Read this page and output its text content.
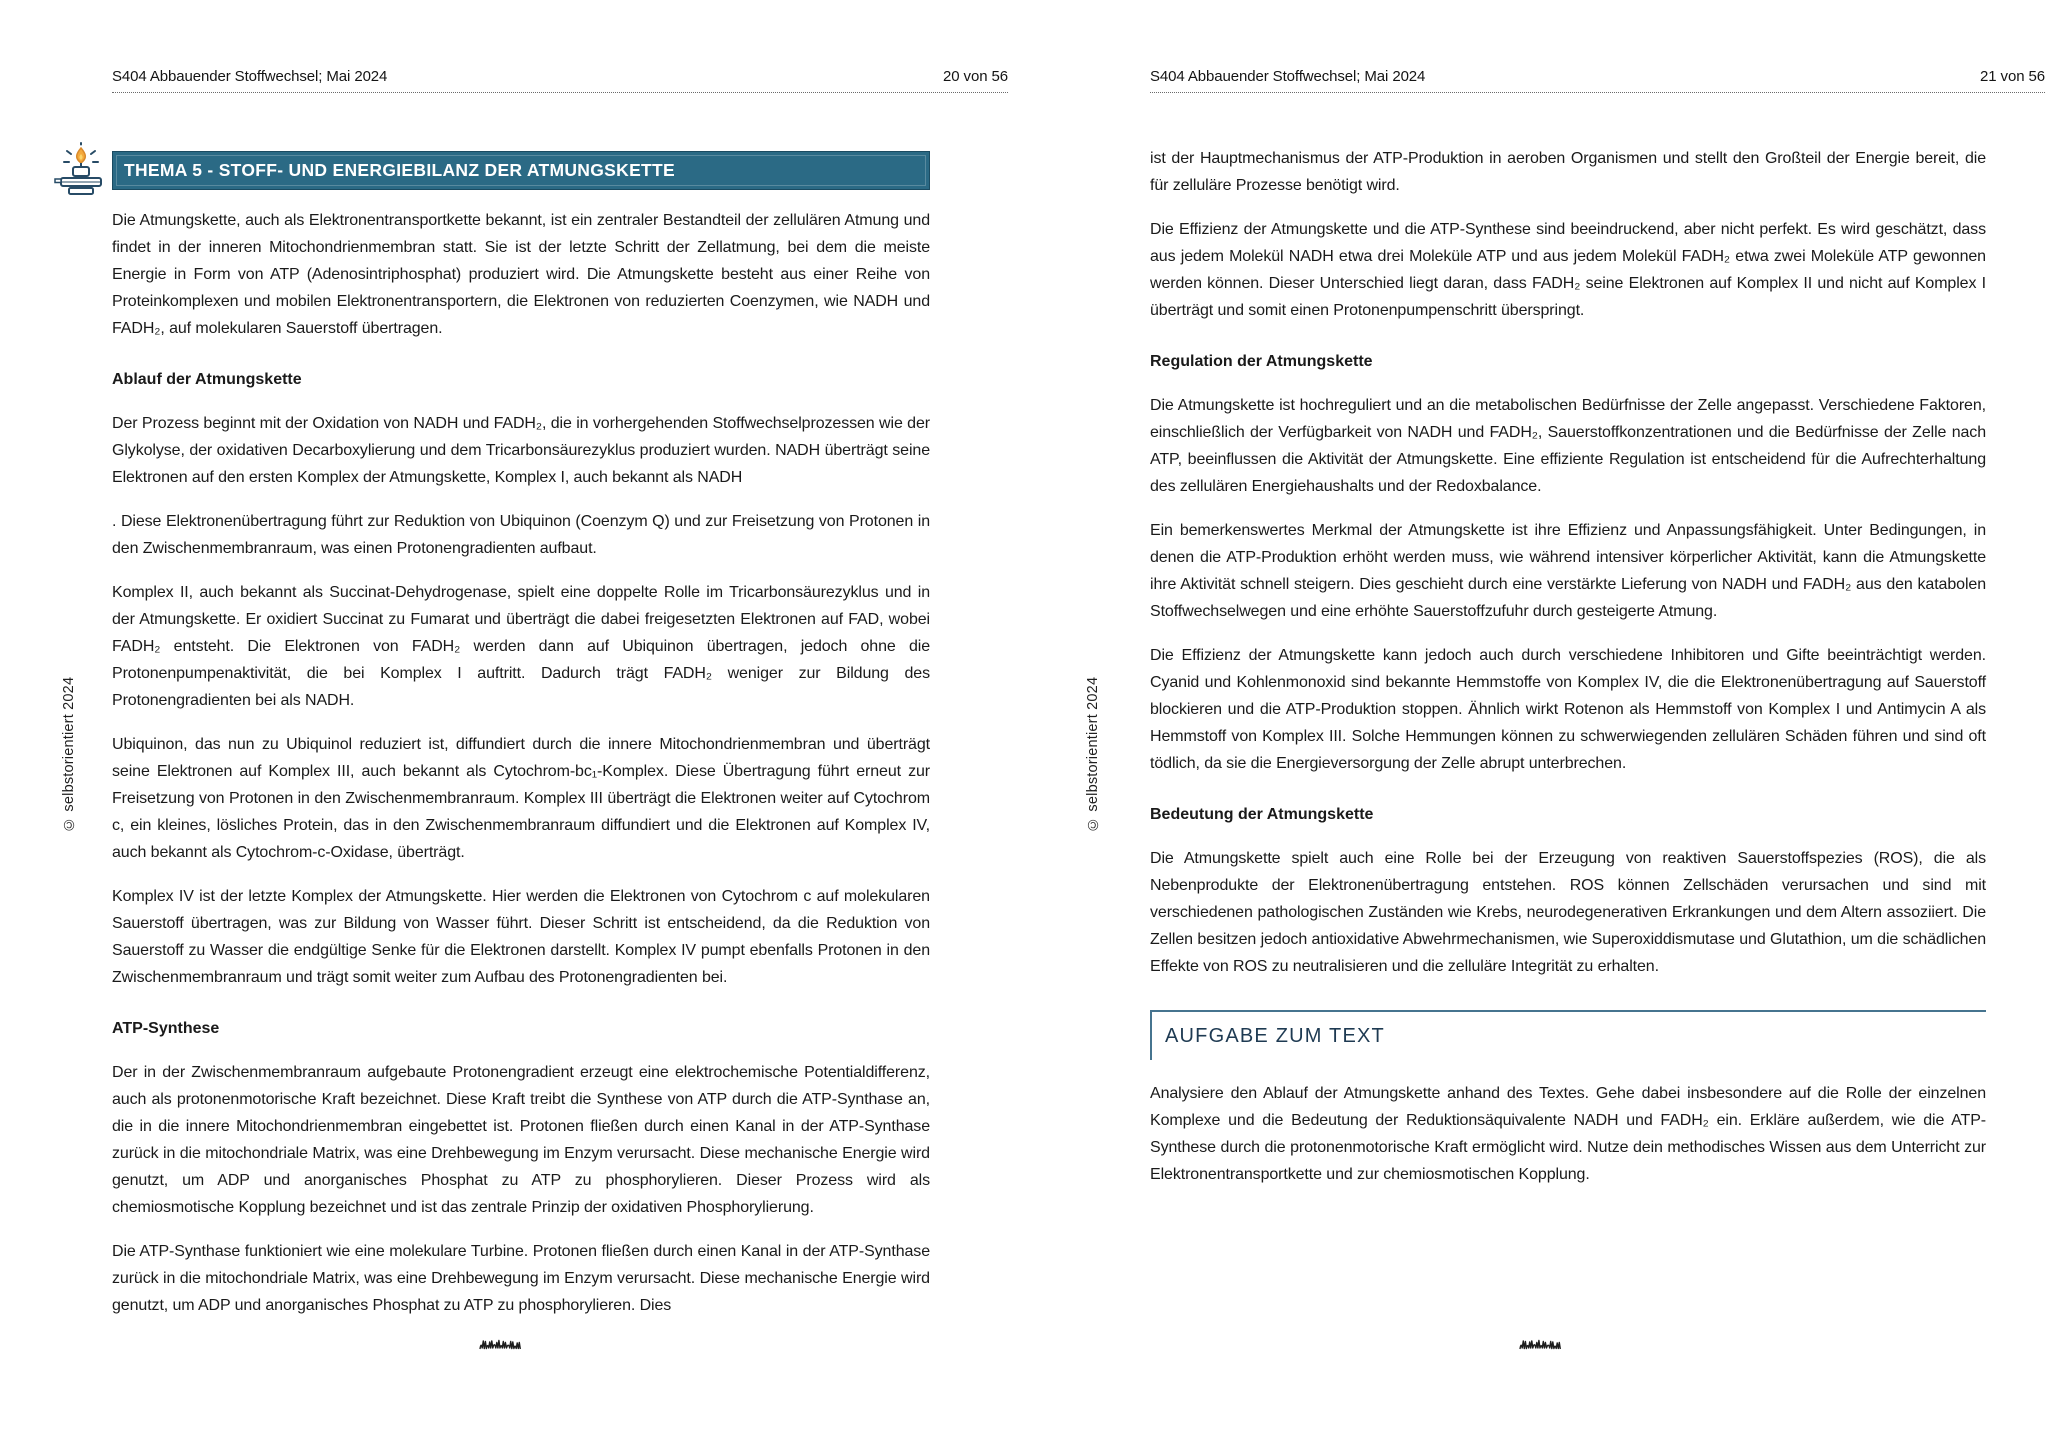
S404 Abbauender Stoffwechsel; Mai 2024	20 von 56
THEMA 5 - STOFF- UND ENERGIEBILANZ DER ATMUNGSKETTE
Die Atmungskette, auch als Elektronentransportkette bekannt, ist ein zentraler Bestandteil der zellulären Atmung und findet in der inneren Mitochondrienmembran statt. Sie ist der letzte Schritt der Zellatmung, bei dem die meiste Energie in Form von ATP (Adenosintriphosphat) produziert wird. Die Atmungskette besteht aus einer Reihe von Proteinkomplexen und mobilen Elektronentransportern, die Elektronen von reduzierten Coenzymen, wie NADH und FADH₂, auf molekularen Sauerstoff übertragen.
Ablauf der Atmungskette
Der Prozess beginnt mit der Oxidation von NADH und FADH₂, die in vorhergehenden Stoffwechselprozessen wie der Glykolyse, der oxidativen Decarboxylierung und dem Tricarbonsäurezyklus produziert wurden. NADH überträgt seine Elektronen auf den ersten Komplex der Atmungskette, Komplex I, auch bekannt als NADH
. Diese Elektronenübertragung führt zur Reduktion von Ubiquinon (Coenzym Q) und zur Freisetzung von Protonen in den Zwischenmembranraum, was einen Protonengradienten aufbaut.
Komplex II, auch bekannt als Succinat-Dehydrogenase, spielt eine doppelte Rolle im Tricarbonsäurezyklus und in der Atmungskette. Er oxidiert Succinat zu Fumarat und überträgt die dabei freigesetzten Elektronen auf FAD, wobei FADH₂ entsteht. Die Elektronen von FADH₂ werden dann auf Ubiquinon übertragen, jedoch ohne die Protonenpumpenaktivität, die bei Komplex I auftritt. Dadurch trägt FADH₂ weniger zur Bildung des Protonengradienten bei als NADH.
Ubiquinon, das nun zu Ubiquinol reduziert ist, diffundiert durch die innere Mitochondrienmembran und überträgt seine Elektronen auf Komplex III, auch bekannt als Cytochrom-bc₁-Komplex. Diese Übertragung führt erneut zur Freisetzung von Protonen in den Zwischenmembranraum. Komplex III überträgt die Elektronen weiter auf Cytochrom c, ein kleines, lösliches Protein, das in den Zwischenmembranraum diffundiert und die Elektronen auf Komplex IV, auch bekannt als Cytochrom-c-Oxidase, überträgt.
Komplex IV ist der letzte Komplex der Atmungskette. Hier werden die Elektronen von Cytochrom c auf molekularen Sauerstoff übertragen, was zur Bildung von Wasser führt. Dieser Schritt ist entscheidend, da die Reduktion von Sauerstoff zu Wasser die endgültige Senke für die Elektronen darstellt. Komplex IV pumpt ebenfalls Protonen in den Zwischenmembranraum und trägt somit weiter zum Aufbau des Protonengradienten bei.
ATP-Synthese
Der in der Zwischenmembranraum aufgebaute Protonengradient erzeugt eine elektrochemische Potentialdifferenz, auch als protonenmotorische Kraft bezeichnet. Diese Kraft treibt die Synthese von ATP durch die ATP-Synthase an, die in die innere Mitochondrienmembran eingebettet ist. Protonen fließen durch einen Kanal in der ATP-Synthase zurück in die mitochondriale Matrix, was eine Drehbewegung im Enzym verursacht. Diese mechanische Energie wird genutzt, um ADP und anorganisches Phosphat zu ATP zu phosphorylieren. Dieser Prozess wird als chemiosmotische Kopplung bezeichnet und ist das zentrale Prinzip der oxidativen Phosphorylierung.
Die ATP-Synthase funktioniert wie eine molekulare Turbine. Protonen fließen durch einen Kanal in der ATP-Synthase zurück in die mitochondriale Matrix, was eine Drehbewegung im Enzym verursacht. Diese mechanische Energie wird genutzt, um ADP und anorganisches Phosphat zu ATP zu phosphorylieren. Dies
© selbstorientiert 2024
S404 Abbauender Stoffwechsel; Mai 2024	21 von 56
ist der Hauptmechanismus der ATP-Produktion in aeroben Organismen und stellt den Großteil der Energie bereit, die für zelluläre Prozesse benötigt wird.
Die Effizienz der Atmungskette und die ATP-Synthese sind beeindruckend, aber nicht perfekt. Es wird geschätzt, dass aus jedem Molekül NADH etwa drei Moleküle ATP und aus jedem Molekül FADH₂ etwa zwei Moleküle ATP gewonnen werden können. Dieser Unterschied liegt daran, dass FADH₂ seine Elektronen auf Komplex II und nicht auf Komplex I überträgt und somit einen Protonenpumpenschritt überspringt.
Regulation der Atmungskette
Die Atmungskette ist hochreguliert und an die metabolischen Bedürfnisse der Zelle angepasst. Verschiedene Faktoren, einschließlich der Verfügbarkeit von NADH und FADH₂, Sauerstoffkonzentrationen und die Bedürfnisse der Zelle nach ATP, beeinflussen die Aktivität der Atmungskette. Eine effiziente Regulation ist entscheidend für die Aufrechterhaltung des zellulären Energiehaushalts und der Redoxbalance.
Ein bemerkenswertes Merkmal der Atmungskette ist ihre Effizienz und Anpassungsfähigkeit. Unter Bedingungen, in denen die ATP-Produktion erhöht werden muss, wie während intensiver körperlicher Aktivität, kann die Atmungskette ihre Aktivität schnell steigern. Dies geschieht durch eine verstärkte Lieferung von NADH und FADH₂ aus den katabolen Stoffwechselwegen und eine erhöhte Sauerstoffzufuhr durch gesteigerte Atmung.
Die Effizienz der Atmungskette kann jedoch auch durch verschiedene Inhibitoren und Gifte beeinträchtigt werden. Cyanid und Kohlenmonoxid sind bekannte Hemmstoffe von Komplex IV, die die Elektronenübertragung auf Sauerstoff blockieren und die ATP-Produktion stoppen. Ähnlich wirkt Rotenon als Hemmstoff von Komplex I und Antimycin A als Hemmstoff von Komplex III. Solche Hemmungen können zu schwerwiegenden zellulären Schäden führen und sind oft tödlich, da sie die Energieversorgung der Zelle abrupt unterbrechen.
Bedeutung der Atmungskette
Die Atmungskette spielt auch eine Rolle bei der Erzeugung von reaktiven Sauerstoffspezies (ROS), die als Nebenprodukte der Elektronenübertragung entstehen. ROS können Zellschäden verursachen und sind mit verschiedenen pathologischen Zuständen wie Krebs, neurodegenerativen Erkrankungen und dem Altern assoziiert. Die Zellen besitzen jedoch antioxidative Abwehrmechanismen, wie Superoxiddismutase und Glutathion, um die schädlichen Effekte von ROS zu neutralisieren und die zelluläre Integrität zu erhalten.
AUFGABE ZUM TEXT
Analysiere den Ablauf der Atmungskette anhand des Textes. Gehe dabei insbesondere auf die Rolle der einzelnen Komplexe und die Bedeutung der Reduktionsäquivalente NADH und FADH₂ ein. Erkläre außerdem, wie die ATP-Synthese durch die protonenmotorische Kraft ermöglicht wird. Nutze dein methodisches Wissen aus dem Unterricht zur Elektronentransportkette und zur chemiosmotischen Kopplung.
© selbstorientiert 2024
